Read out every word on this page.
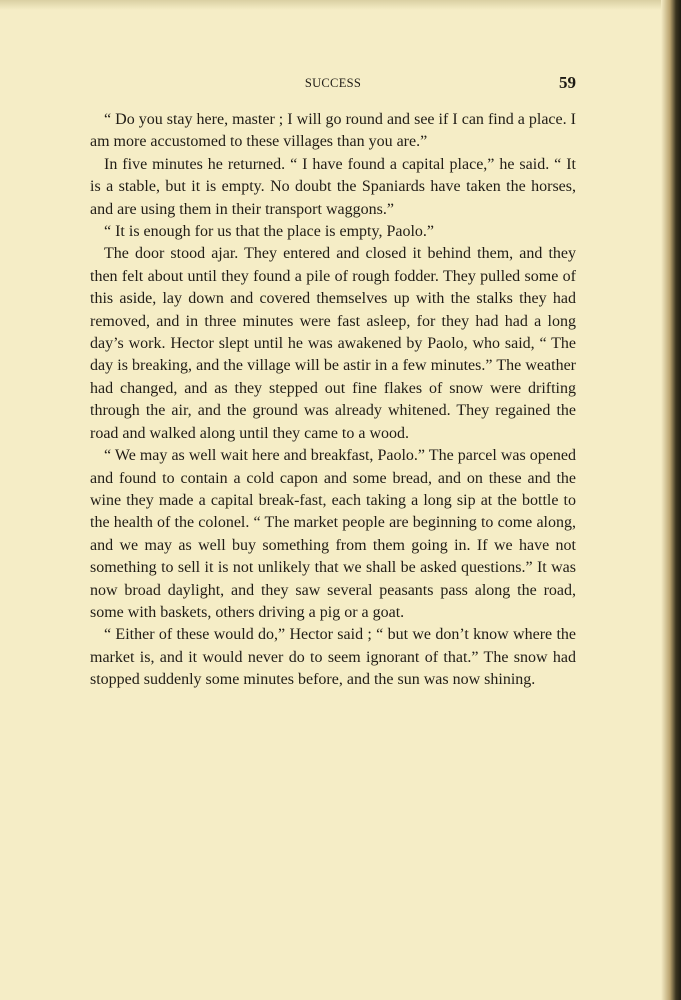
SUCCESS	59

“ Do you stay here, master ; I will go round and see if I can find a place. I am more accustomed to these villages than you are.”

In five minutes he returned. “ I have found a capital place,” he said. “ It is a stable, but it is empty. No doubt the Spaniards have taken the horses, and are using them in their transport waggons.”

“ It is enough for us that the place is empty, Paolo.”

The door stood ajar. They entered and closed it behind them, and they then felt about until they found a pile of rough fodder. They pulled some of this aside, lay down and covered themselves up with the stalks they had removed, and in three minutes were fast asleep, for they had had a long day’s work. Hector slept until he was awakened by Paolo, who said, “ The day is breaking, and the village will be astir in a few minutes.” The weather had changed, and as they stepped out fine flakes of snow were drifting through the air, and the ground was already whitened. They regained the road and walked along until they came to a wood.

“ We may as well wait here and breakfast, Paolo.” The parcel was opened and found to contain a cold capon and some bread, and on these and the wine they made a capital break-fast, each taking a long sip at the bottle to the health of the colonel. “ The market people are beginning to come along, and we may as well buy something from them going in. If we have not something to sell it is not unlikely that we shall be asked questions.” It was now broad daylight, and they saw several peasants pass along the road, some with baskets, others driving a pig or a goat.

“ Either of these would do,” Hector said ; “ but we don’t know where the market is, and it would never do to seem ignorant of that.” The snow had stopped suddenly some minutes before, and the sun was now shining.
